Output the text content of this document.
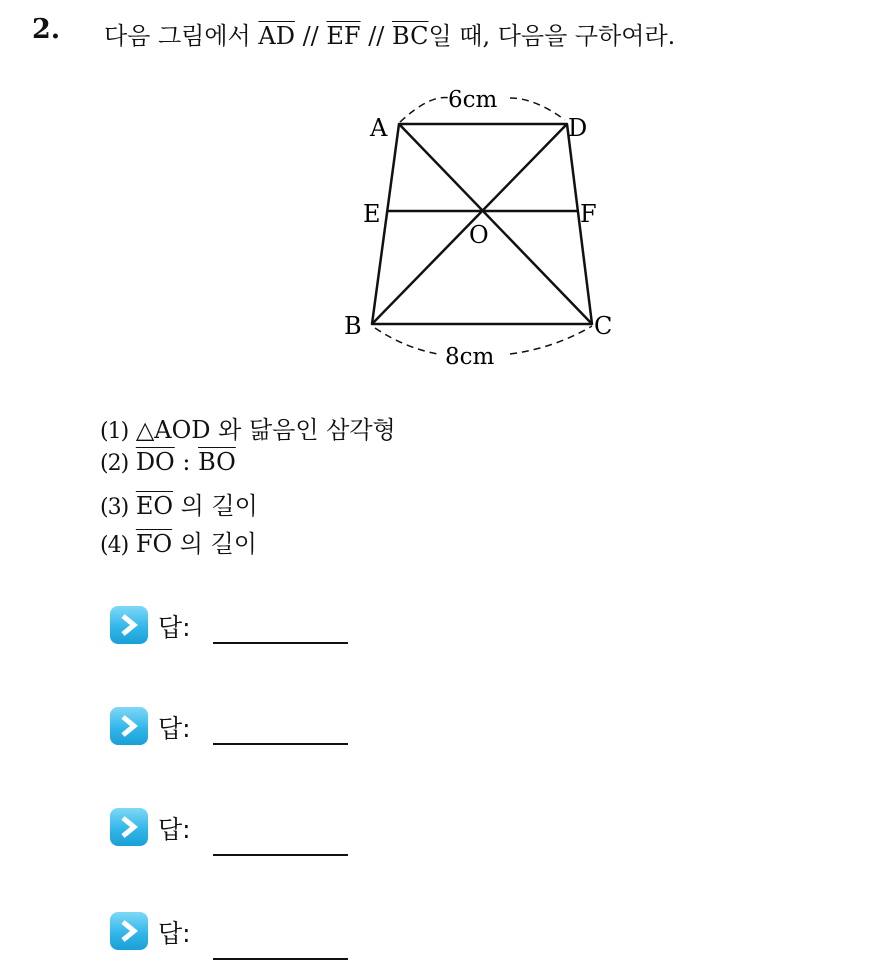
2. 다음 그림에서 $\overline{AD} // \overline{EF} // \overline{BC}$일 때, 다음을 구하여라.
A	D
E	F
O
B	C
6cm
8cm
(1) △AOD 와 닮음인 삼각형
(2) $\overline{DO}$ : $\overline{BO}$
(3) $\overline{EO}$ 의 길이
(4) $\overline{FO}$ 의 길이
답:
답:
답:
답:
